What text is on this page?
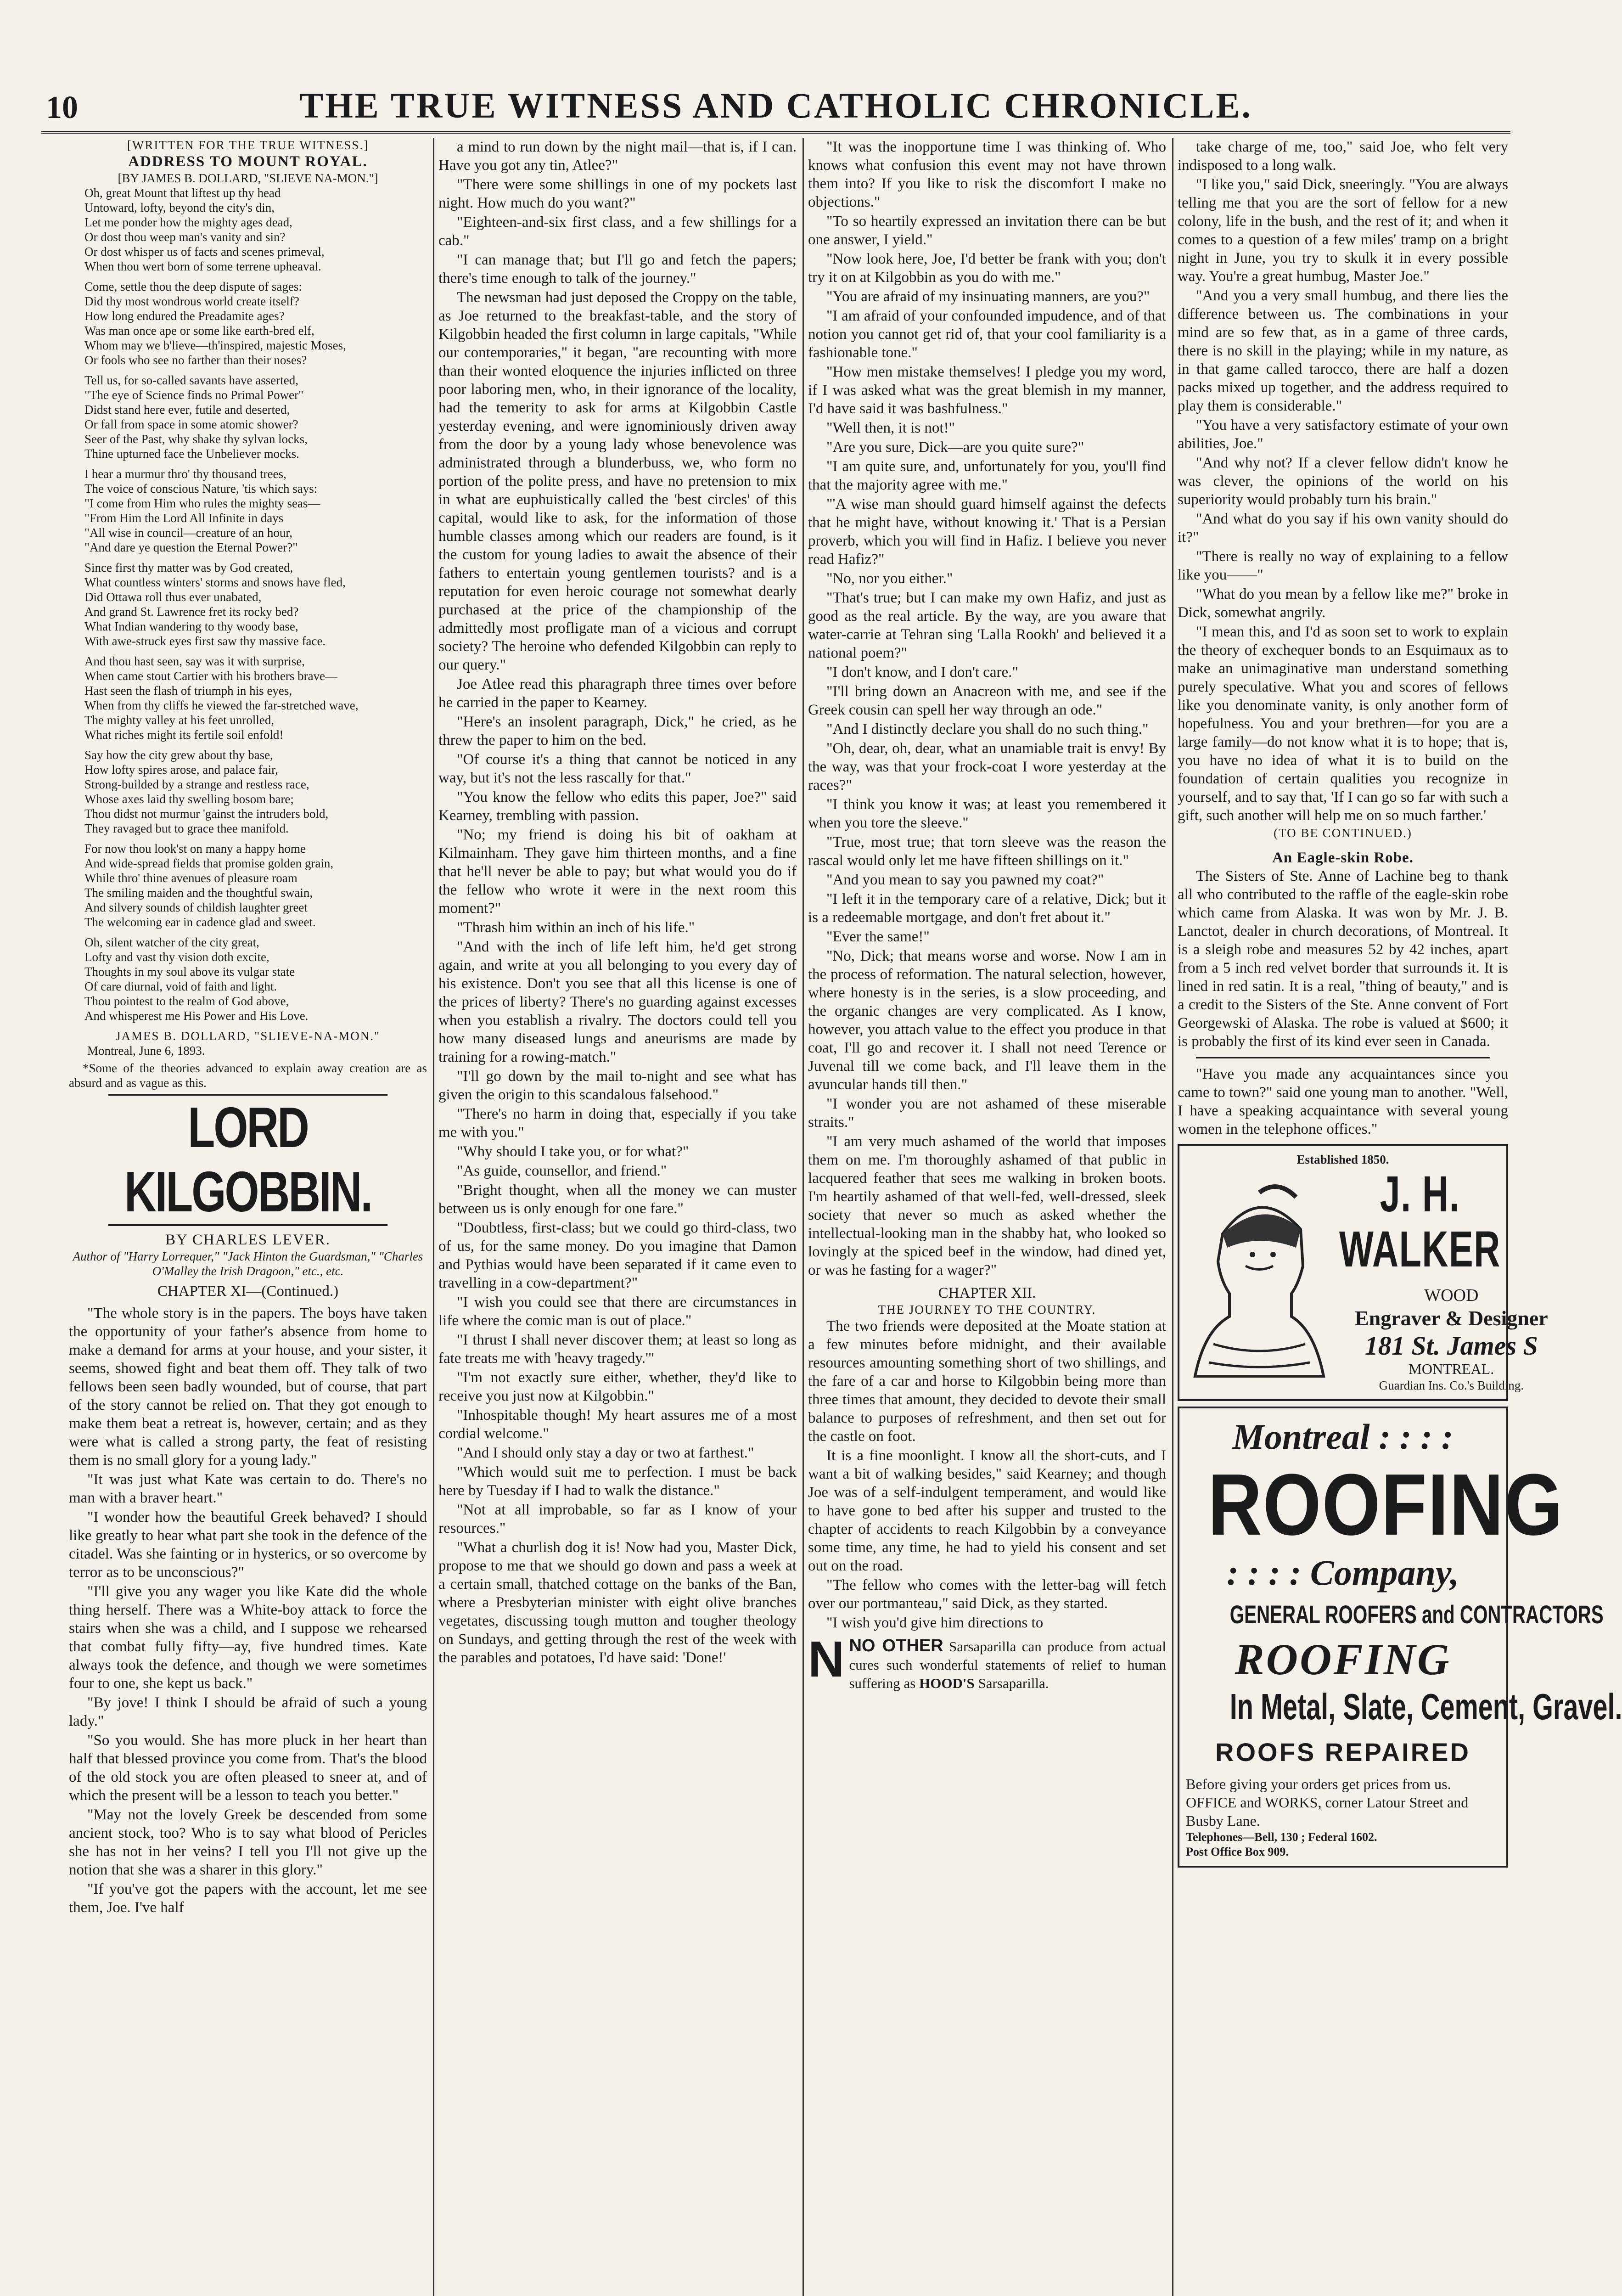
10	THE TRUE WITNESS AND CATHOLIC CHRONICLE.
[WRITTEN FOR THE TRUE WITNESS.]
ADDRESS TO MOUNT ROYAL.
[BY JAMES B. DOLLARD, "SLIEVE NA-MON."]

Oh, great Mount that liftest up thy head

Untoward, lofty, beyond the city's din,

Let me ponder how the mighty ages dead,

Or dost thou weep man's vanity and sin?

Or dost whisper us of facts and scenes primeval,

When thou wert born of some terrene upheaval.

Come, settle thou the deep dispute of sages:

Did thy most wondrous world create itself?

How long endured the Preadamite ages?

Was man once ape or some like earth-bred elf,

Whom may we b'lieve—th'inspired, majestic Moses,

Or fools who see no farther than their noses?

Tell us, for so-called savants have asserted,

"The eye of Science finds no Primal Power"

Didst stand here ever, futile and deserted,

Or fall from space in some atomic shower?

Seer of the Past, why shake thy sylvan locks,

Thine upturned face the Unbeliever mocks.

I hear a murmur thro' thy thousand trees,

The voice of conscious Nature, 'tis which says:

"I come from Him who rules the mighty seas—

"From Him the Lord All Infinite in days

"All wise in council—creature of an hour,

"And dare ye question the Eternal Power?"

Since first thy matter was by God created,

What countless winters' storms and snows have fled,

Did Ottawa roll thus ever unabated,

And grand St. Lawrence fret its rocky bed?

What Indian wandering to thy woody base,

With awe-struck eyes first saw thy massive face.

And thou hast seen, say was it with surprise,

When came stout Cartier with his brothers brave—

Hast seen the flash of triumph in his eyes,

When from thy cliffs he viewed the far-stretched wave,

The mighty valley at his feet unrolled,

What riches might its fertile soil enfold!

Say how the city grew about thy base,

How lofty spires arose, and palace fair,

Strong-builded by a strange and restless race,

Whose axes laid thy swelling bosom bare;

Thou didst not murmur 'gainst the intruders bold,

They ravaged but to grace thee manifold.

For now thou look'st on many a happy home

And wide-spread fields that promise golden grain,

While thro' thine avenues of pleasure roam

The smiling maiden and the thoughtful swain,

And silvery sounds of childish laughter greet

The welcoming ear in cadence glad and sweet.

Oh, silent watcher of the city great,

Lofty and vast thy vision doth excite,

Thoughts in my soul above its vulgar state

Of care diurnal, void of faith and light.

Thou pointest to the realm of God above,

And whisperest me His Power and His Love.

JAMES B. DOLLARD, "SLIEVE-NA-MON."
Montreal, June 6, 1893.
*Some of the theories advanced to explain away creation are as absurd and as vague as this.
LORD KILGOBBIN.
BY CHARLES LEVER.
Author of "Harry Lorrequer," "Jack Hinton the Guardsman," "Charles O'Malley the Irish Dragoon," etc., etc.
CHAPTER XI—(Continued.)

"The whole story is in the papers. The boys have taken the opportunity of your father's absence from home to make a demand for arms at your house, and your sister, it seems, showed fight and beat them off. They talk of two fellows been seen badly wounded, but of course, that part of the story cannot be relied on. That they got enough to make them beat a retreat is, however, certain; and as they were what is called a strong party, the feat of resisting them is no small glory for a young lady."

"It was just what Kate was certain to do. There's no man with a braver heart."

"I wonder how the beautiful Greek behaved? I should like greatly to hear what part she took in the defence of the citadel. Was she fainting or in hysterics, or so overcome by terror as to be unconscious?"

"I'll give you any wager you like Kate did the whole thing herself. There was a White-boy attack to force the stairs when she was a child, and I suppose we rehearsed that combat fully fifty—ay, five hundred times. Kate always took the defence, and though we were sometimes four to one, she kept us back."

"By jove! I think I should be afraid of such a young lady."

"So you would. She has more pluck in her heart than half that blessed province you come from. That's the blood of the old stock you are often pleased to sneer at, and of which the present will be a lesson to teach you better."

"May not the lovely Greek be descended from some ancient stock, too? Who is to say what blood of Pericles she has not in her veins? I tell you I'll not give up the notion that she was a sharer in this glory."

"If you've got the papers with the account, let me see them, Joe. I've half

a mind to run down by the night mail—that is, if I can. Have you got any tin, Atlee?"

"There were some shillings in one of my pockets last night. How much do you want?"

"Eighteen-and-six first class, and a few shillings for a cab."

"I can manage that; but I'll go and fetch the papers; there's time enough to talk of the journey."

The newsman had just deposed the Croppy on the table, as Joe returned to the breakfast-table, and the story of Kilgobbin headed the first column in large capitals, "While our contemporaries," it began, "are recounting with more than their wonted eloquence the injuries inflicted on three poor laboring men, who, in their ignorance of the locality, had the temerity to ask for arms at Kilgobbin Castle yesterday evening, and were ignominiously driven away from the door by a young lady whose benevolence was administrated through a blunderbuss, we, who form no portion of the polite press, and have no pretension to mix in what are euphuistically called the 'best circles' of this capital, would like to ask, for the information of those humble classes among which our readers are found, is it the custom for young ladies to await the absence of their fathers to entertain young gentlemen tourists? and is a reputation for even heroic courage not somewhat dearly purchased at the price of the championship of the admittedly most profligate man of a vicious and corrupt society? The heroine who defended Kilgobbin can reply to our query."

Joe Atlee read this pharagraph three times over before he carried in the paper to Kearney.

"Here's an insolent paragraph, Dick," he cried, as he threw the paper to him on the bed.

"Of course it's a thing that cannot be noticed in any way, but it's not the less rascally for that."

"You know the fellow who edits this paper, Joe?" said Kearney, trembling with passion.

"No; my friend is doing his bit of oakham at Kilmainham. They gave him thirteen months, and a fine that he'll never be able to pay; but what would you do if the fellow who wrote it were in the next room this moment?"

"Thrash him within an inch of his life."

"And with the inch of life left him, he'd get strong again, and write at you all belonging to you every day of his existence. Don't you see that all this license is one of the prices of liberty? There's no guarding against excesses when you establish a rivalry. The doctors could tell you how many diseased lungs and aneurisms are made by training for a rowing-match."

"I'll go down by the mail to-night and see what has given the origin to this scandalous falsehood."

"There's no harm in doing that, especially if you take me with you."

"Why should I take you, or for what?"

"As guide, counsellor, and friend."

"Bright thought, when all the money we can muster between us is only enough for one fare."

"Doubtless, first-class; but we could go third-class, two of us, for the same money. Do you imagine that Damon and Pythias would have been separated if it came even to travelling in a cow-department?"

"I wish you could see that there are circumstances in life where the comic man is out of place."

"I thrust I shall never discover them; at least so long as fate treats me with 'heavy tragedy.'"

"I'm not exactly sure either, whether, they'd like to receive you just now at Kilgobbin."

"Inhospitable though! My heart assures me of a most cordial welcome."

"And I should only stay a day or two at farthest."

"Which would suit me to perfection. I must be back here by Tuesday if I had to walk the distance."

"Not at all improbable, so far as I know of your resources."

"What a churlish dog it is! Now had you, Master Dick, propose to me that we should go down and pass a week at a certain small, thatched cottage on the banks of the Ban, where a Presbyterian minister with eight olive branches vegetates, discussing tough mutton and tougher theology on Sundays, and getting through the rest of the week with the parables and potatoes, I'd have said: 'Done!'

"It was the inopportune time I was thinking of. Who knows what confusion this event may not have thrown them into? If you like to risk the discomfort I make no objections."

"To so heartily expressed an invitation there can be but one answer, I yield."

"Now look here, Joe, I'd better be frank with you; don't try it on at Kilgobbin as you do with me."

"You are afraid of my insinuating manners, are you?"

"I am afraid of your confounded impudence, and of that notion you cannot get rid of, that your cool familiarity is a fashionable tone."

"How men mistake themselves! I pledge you my word, if I was asked what was the great blemish in my manner, I'd have said it was bashfulness."

"Well then, it is not!"

"Are you sure, Dick—are you quite sure?"

"I am quite sure, and, unfortunately for you, you'll find that the majority agree with me."

"'A wise man should guard himself against the defects that he might have, without knowing it.' That is a Persian proverb, which you will find in Hafiz. I believe you never read Hafiz?"

"No, nor you either."

"That's true; but I can make my own Hafiz, and just as good as the real article. By the way, are you aware that water-carrie at Tehran sing 'Lalla Rookh' and believed it a national poem?"

"I don't know, and I don't care."

"I'll bring down an Anacreon with me, and see if the Greek cousin can spell her way through an ode."

"And I distinctly declare you shall do no such thing."

"Oh, dear, oh, dear, what an unamiable trait is envy! By the way, was that your frock-coat I wore yesterday at the races?"

"I think you know it was; at least you remembered it when you tore the sleeve."

"True, most true; that torn sleeve was the reason the rascal would only let me have fifteen shillings on it."

"And you mean to say you pawned my coat?"

"I left it in the temporary care of a relative, Dick; but it is a redeemable mortgage, and don't fret about it."

"Ever the same!"

"No, Dick; that means worse and worse. Now I am in the process of reformation. The natural selection, however, where honesty is in the series, is a slow proceeding, and the organic changes are very complicated. As I know, however, you attach value to the effect you produce in that coat, I'll go and recover it. I shall not need Terence or Juvenal till we come back, and I'll leave them in the avuncular hands till then."

"I wonder you are not ashamed of these miserable straits."

"I am very much ashamed of the world that imposes them on me. I'm thoroughly ashamed of that public in lacquered feather that sees me walking in broken boots. I'm heartily ashamed of that well-fed, well-dressed, sleek society that never so much as asked whether the intellectual-looking man in the shabby hat, who looked so lovingly at the spiced beef in the window, had dined yet, or was he fasting for a wager?"

CHAPTER XII.
THE JOURNEY TO THE COUNTRY.

The two friends were deposited at the Moate station at a few minutes before midnight, and their available resources amounting something short of two shillings, and the fare of a car and horse to Kilgobbin being more than three times that amount, they decided to devote their small balance to purposes of refreshment, and then set out for the castle on foot.

It is a fine moonlight. I know all the short-cuts, and I want a bit of walking besides," said Kearney; and though Joe was of a self-indulgent temperament, and would like to have gone to bed after his supper and trusted to the chapter of accidents to reach Kilgobbin by a conveyance some time, any time, he had to yield his consent and set out on the road.

"The fellow who comes with the letter-bag will fetch over our portmanteau," said Dick, as they started.

"I wish you'd give him directions to

N NO OTHER Sarsaparilla can produce from actual cures such wonderful statements of relief to human suffering as HOOD'S Sarsaparilla.

take charge of me, too," said Joe, who felt very indisposed to a long walk.

"I like you," said Dick, sneeringly. "You are always telling me that you are the sort of fellow for a new colony, life in the bush, and the rest of it; and when it comes to a question of a few miles' tramp on a bright night in June, you try to skulk it in every possible way. You're a great humbug, Master Joe."

"And you a very small humbug, and there lies the difference between us. The combinations in your mind are so few that, as in a game of three cards, there is no skill in the playing; while in my nature, as in that game called tarocco, there are half a dozen packs mixed up together, and the address required to play them is considerable."

"You have a very satisfactory estimate of your own abilities, Joe."

"And why not? If a clever fellow didn't know he was clever, the opinions of the world on his superiority would probably turn his brain."

"And what do you say if his own vanity should do it?"

"There is really no way of explaining to a fellow like you——"

"What do you mean by a fellow like me?" broke in Dick, somewhat angrily.

"I mean this, and I'd as soon set to work to explain the theory of exchequer bonds to an Esquimaux as to make an unimaginative man understand something purely speculative. What you and scores of fellows like you denominate vanity, is only another form of hopefulness. You and your brethren—for you are a large family—do not know what it is to hope; that is, you have no idea of what it is to build on the foundation of certain qualities you recognize in yourself, and to say that, 'If I can go so far with such a gift, such another will help me on so much farther.'

(TO BE CONTINUED.)
An Eagle-skin Robe.

The Sisters of Ste. Anne of Lachine beg to thank all who contributed to the raffle of the eagle-skin robe which came from Alaska. It was won by Mr. J. B. Lanctot, dealer in church decorations, of Montreal. It is a sleigh robe and measures 52 by 42 inches, apart from a 5 inch red velvet border that surrounds it. It is lined in red satin. It is a real, "thing of beauty," and is a credit to the Sisters of the Ste. Anne convent of Fort Georgewski of Alaska. The robe is valued at $600; it is probably the first of its kind ever seen in Canada.

"Have you made any acquaintances since you came to town?" said one young man to another. "Well, I have a speaking acquaintance with several young women in the telephone offices."

Established 1850.
J. H. WALKER
WOOD
Engraver & Designer
181 St. James S
MONTREAL.
Guardian Ins. Co.'s Building.
Montreal : : : :
ROOFING
: : : : Company,
GENERAL ROOFERS and CONTRACTORS
ROOFING
In Metal, Slate, Cement, Gravel.
ROOFS REPAIRED
Before giving your orders get prices from us.
OFFICE and WORKS, corner Latour Street and Busby Lane.
Telephones—Bell, 130 ; Federal 1602.
Post Office Box 909.
